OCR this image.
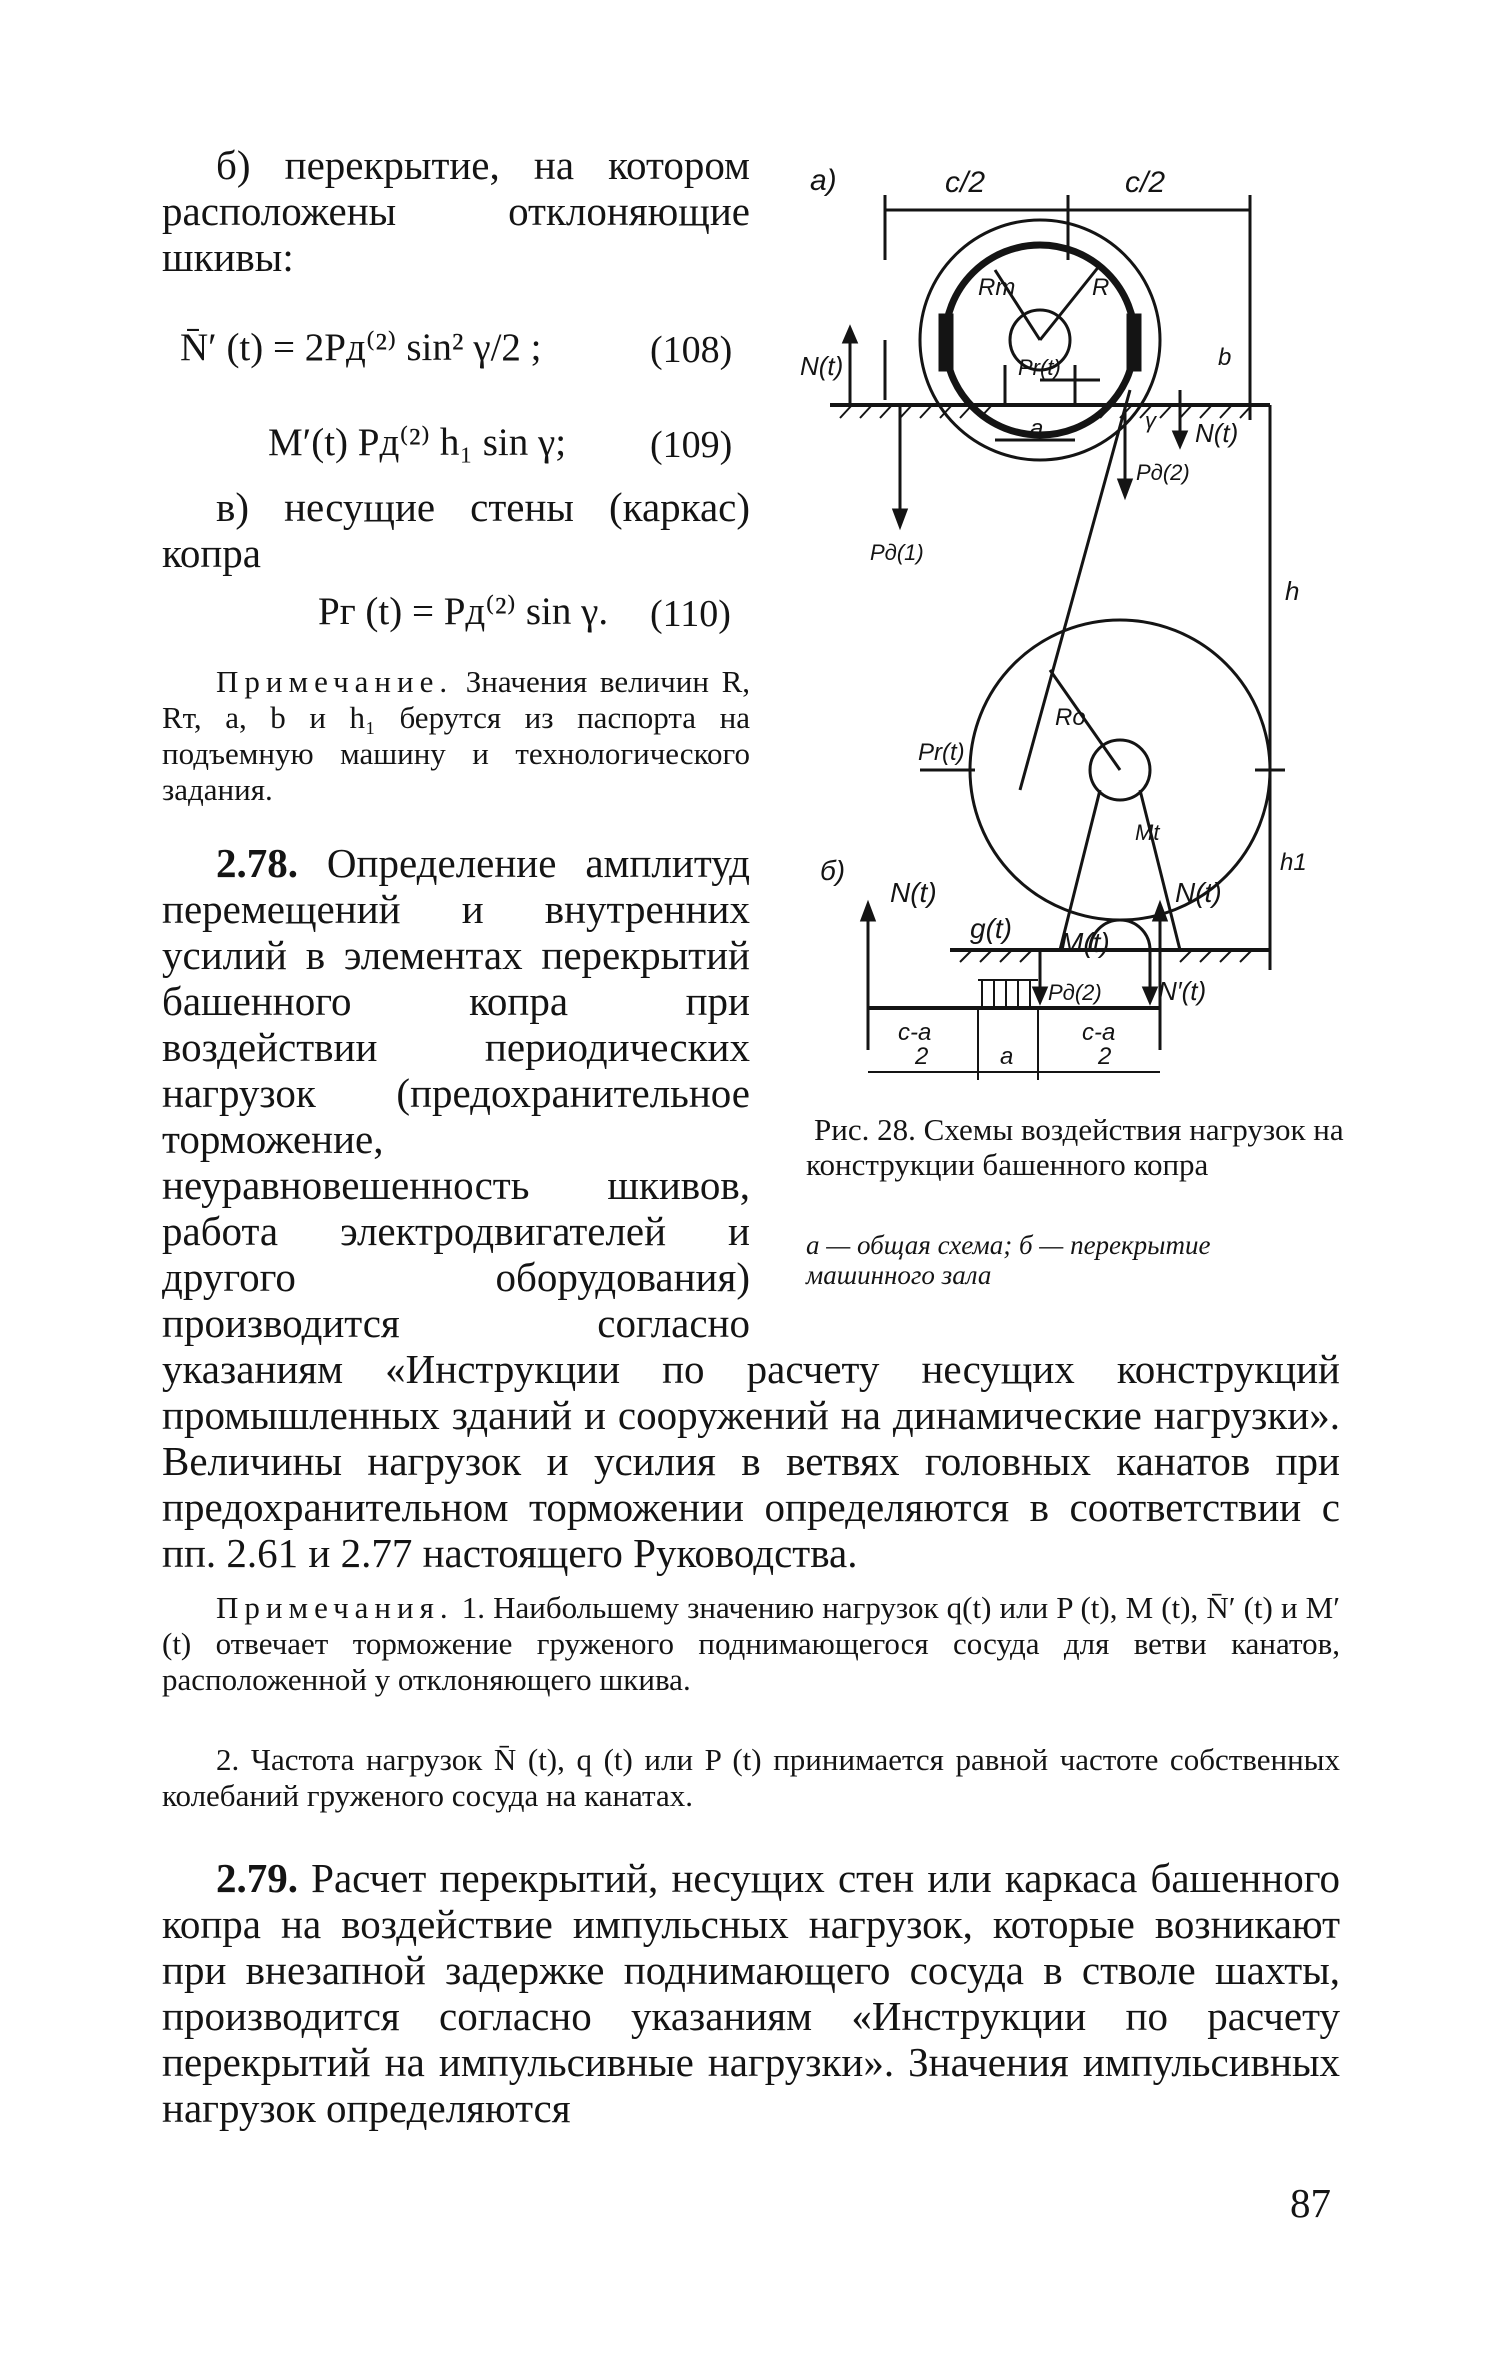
б) перекрытие, на котором расположены отклоняющие шкивы:
N̄′ (t) = 2Pд⁽²⁾ sin² γ/2 ;	(108)
M′(t) Pд⁽²⁾ h₁ sin γ; (109)
в) несущие стены (каркас) копра
Pг (t) = Pд⁽²⁾ sin γ. (110)
Примечание. Значения величин R, Rт, a, b и h₁ берутся из паспорта на подъемную машину и технологического задания.
2.78. Определение амплитуд перемещений и внутренних усилий в элементах перекрытий башенного копра при воздействии периодических нагрузок (предохранительное торможение, неуравновешенность шкивов, работа электродвигателей и другого оборудования) производится согласно указаниям «Инструкции по расчету несущих конструкций промышленных зданий и сооружений на динамические нагрузки». Величины нагрузок и усилия в ветвях головных канатов при предохранительном торможении определяются в соответствии с пп. 2.61 и 2.77 настоящего Руководства.
а)	c/2	c/2
Rт	R
Pr(t)
N(t)	b
a	γ N(t)
Pд(2)
Pд(1)
h
Ro
Pr(t)
Mt
h1
Pд(2) N′(t)
б)
N(t)	N(t)
g(t) M(t)
c-a
2	a
c-a
2
Рис. 28. Схемы воздействия нагрузок на конструкции башенного копра
а — общая схема; б — перекрытие машинного зала
Примечания. 1. Наибольшему значению нагрузок q(t) или P (t), M (t), N̄′ (t) и M′ (t) отвечает торможение груженого поднимающегося сосуда для ветви канатов, расположенной у отклоняющего шкива.
2. Частота нагрузок N̄ (t), q (t) или P (t) принимается равной частоте собственных колебаний груженого сосуда на канатах.
2.79. Расчет перекрытий, несущих стен или каркаса башенного копра на воздействие импульсных нагрузок, которые возникают при внезапной задержке поднимающего сосуда в стволе шахты, производится согласно указаниям «Инструкции по расчету перекрытий на импульсивные нагрузки». Значения импульсивных нагрузок определяются
87
